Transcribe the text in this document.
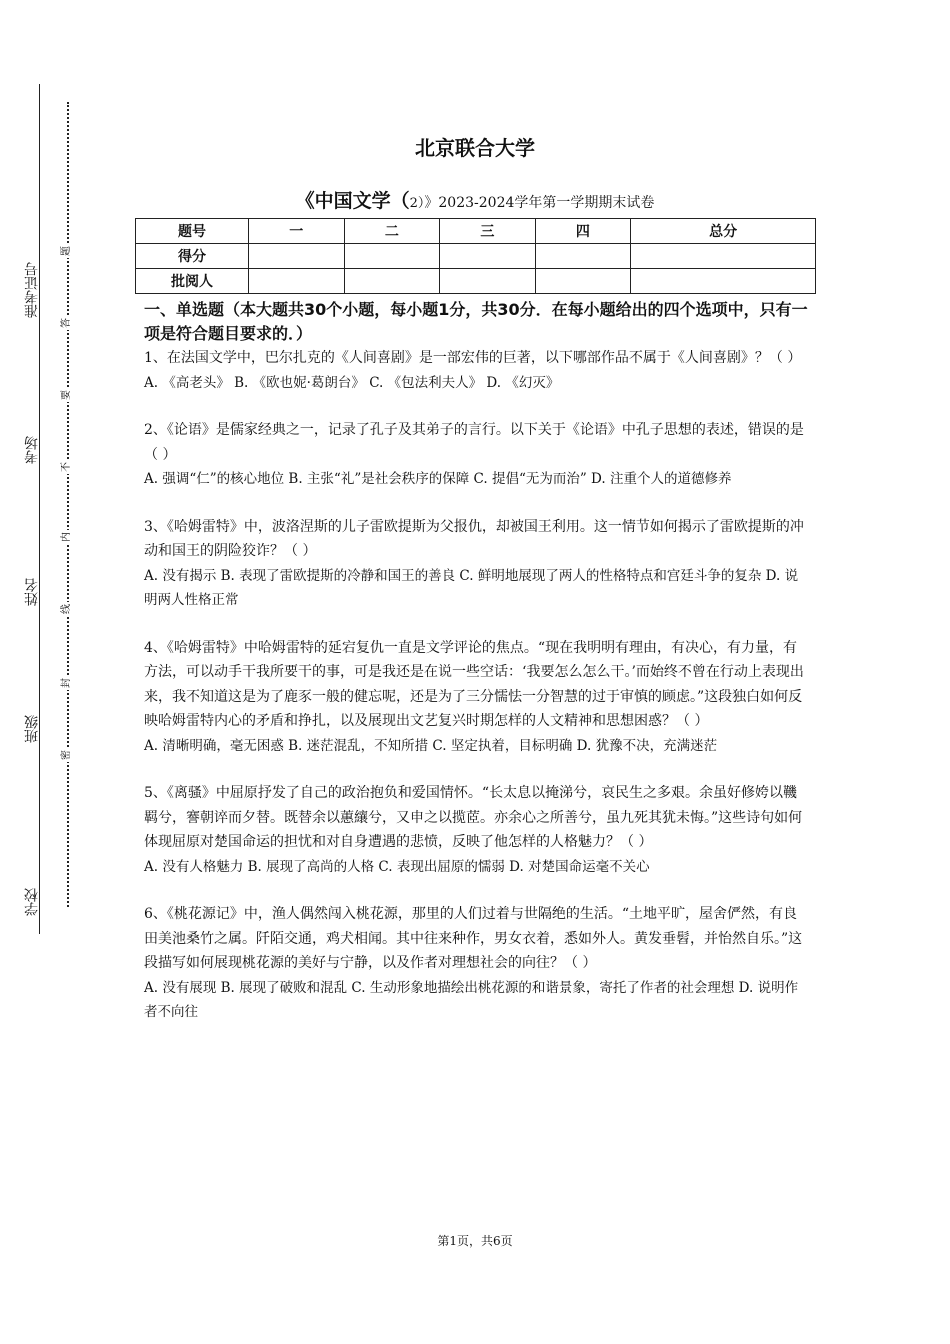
准考证号
考场
姓名
班级
学校
题
答
要
不
内
线
封
密
北京联合大学
《中国文学（2）》2023-2024学年第一学期期末试卷
题号	一	二	三	四	总分
得分					
批阅人					

一、单选题（本大题共30个小题，每小题1分，共30分．在每小题给出的四个选项中，只有一项是符合题目要求的．）

1、在法国文学中，巴尔扎克的《人间喜剧》是一部宏伟的巨著，以下哪部作品不属于《人间喜剧》？（ ）

A. 《高老头》 B. 《欧也妮·葛朗台》 C. 《包法利夫人》 D. 《幻灭》

2、《论语》是儒家经典之一，记录了孔子及其弟子的言行。以下关于《论语》中孔子思想的表述，错误的是（ ）

A. 强调“仁”的核心地位 B. 主张“礼”是社会秩序的保障 C. 提倡“无为而治” D. 注重个人的道德修养

3、《哈姆雷特》中，波洛涅斯的儿子雷欧提斯为父报仇，却被国王利用。这一情节如何揭示了雷欧提斯的冲动和国王的阴险狡诈？（ ）

A. 没有揭示 B. 表现了雷欧提斯的冷静和国王的善良 C. 鲜明地展现了两人的性格特点和宫廷斗争的复杂 D. 说明两人性格正常

4、《哈姆雷特》中哈姆雷特的延宕复仇一直是文学评论的焦点。“现在我明明有理由，有决心，有力量，有方法，可以动手干我所要干的事，可是我还是在说一些空话：‘我要怎么怎么干。’而始终不曾在行动上表现出来，我不知道这是为了鹿豕一般的健忘呢，还是为了三分懦怯一分智慧的过于审慎的顾虑。”这段独白如何反映哈姆雷特内心的矛盾和挣扎，以及展现出文艺复兴时期怎样的人文精神和思想困惑？（ ）

A. 清晰明确，毫无困惑 B. 迷茫混乱，不知所措 C. 坚定执着，目标明确 D. 犹豫不决，充满迷茫

5、《离骚》中屈原抒发了自己的政治抱负和爱国情怀。“长太息以掩涕兮，哀民生之多艰。余虽好修姱以鞿羁兮，謇朝谇而夕替。既替余以蕙纕兮，又申之以揽茝。亦余心之所善兮，虽九死其犹未悔。”这些诗句如何体现屈原对楚国命运的担忧和对自身遭遇的悲愤，反映了他怎样的人格魅力？（ ）

A. 没有人格魅力 B. 展现了高尚的人格 C. 表现出屈原的懦弱 D. 对楚国命运毫不关心

6、《桃花源记》中，渔人偶然闯入桃花源，那里的人们过着与世隔绝的生活。“土地平旷，屋舍俨然，有良田美池桑竹之属。阡陌交通，鸡犬相闻。其中往来种作，男女衣着，悉如外人。黄发垂髫，并怡然自乐。”这段描写如何展现桃花源的美好与宁静，以及作者对理想社会的向往？（ ）

A. 没有展现 B. 展现了破败和混乱 C. 生动形象地描绘出桃花源的和谐景象，寄托了作者的社会理想 D. 说明作者不向往

第1页，共6页
